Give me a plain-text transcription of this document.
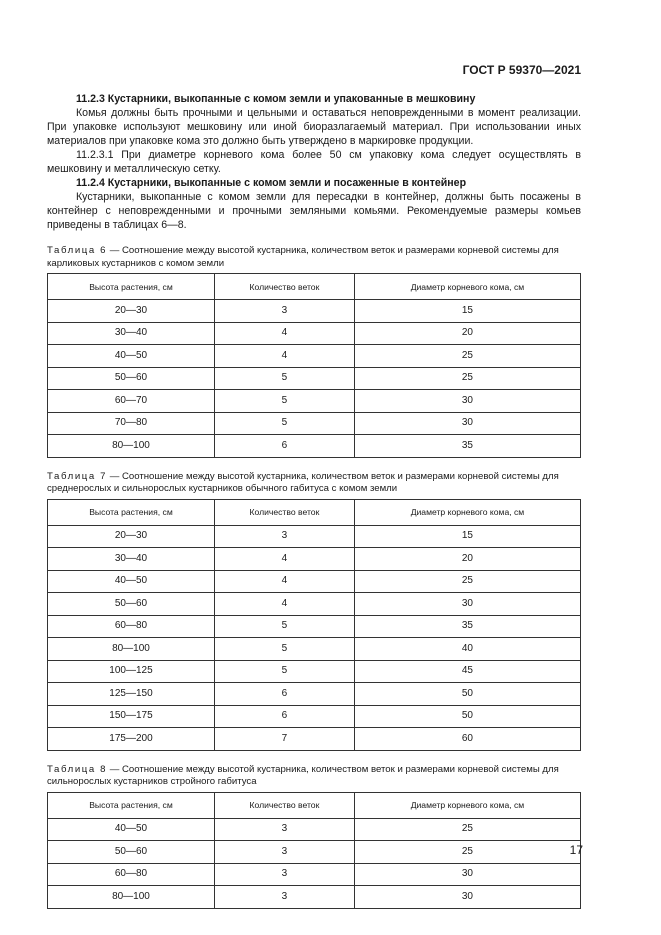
ГОСТ Р 59370—2021

11.2.3 Кустарники, выкопанные с комом земли и упакованные в мешковину

Комья должны быть прочными и цельными и оставаться неповрежденными в момент реализации. При упаковке используют мешковину или иной биоразлагаемый материал. При использовании иных материалов при упаковке кома это должно быть утверждено в маркировке продукции.

11.2.3.1 При диаметре корневого кома более 50 см упаковку кома следует осуществлять в мешковину и металлическую сетку.

11.2.4 Кустарники, выкопанные с комом земли и посаженные в контейнер

Кустарники, выкопанные с комом земли для пересадки в контейнер, должны быть посажены в контейнер с неповрежденными и прочными земляными комьями. Рекомендуемые размеры комьев приведены в таблицах 6—8.

Таблица 6 — Соотношение между высотой кустарника, количеством веток и размерами корневой системы для карликовых кустарников с комом земли
Высота растения, см	Количество веток	Диаметр корневого кома, см
20—30	3	15
30—40	4	20
40—50	4	25
50—60	5	25
60—70	5	30
70—80	5	30
80—100	6	35
Таблица 7 — Соотношение между высотой кустарника, количеством веток и размерами корневой системы для среднерослых и сильнорослых кустарников обычного габитуса с комом земли
Высота растения, см	Количество веток	Диаметр корневого кома, см
20—30	3	15
30—40	4	20
40—50	4	25
50—60	4	30
60—80	5	35
80—100	5	40
100—125	5	45
125—150	6	50
150—175	6	50
175—200	7	60
Таблица 8 — Соотношение между высотой кустарника, количеством веток и размерами корневой системы для сильнорослых кустарников стройного габитуса
Высота растения, см	Количество веток	Диаметр корневого кома, см
40—50	3	25
50—60	3	25
60—80	3	30
80—100	3	30
17
